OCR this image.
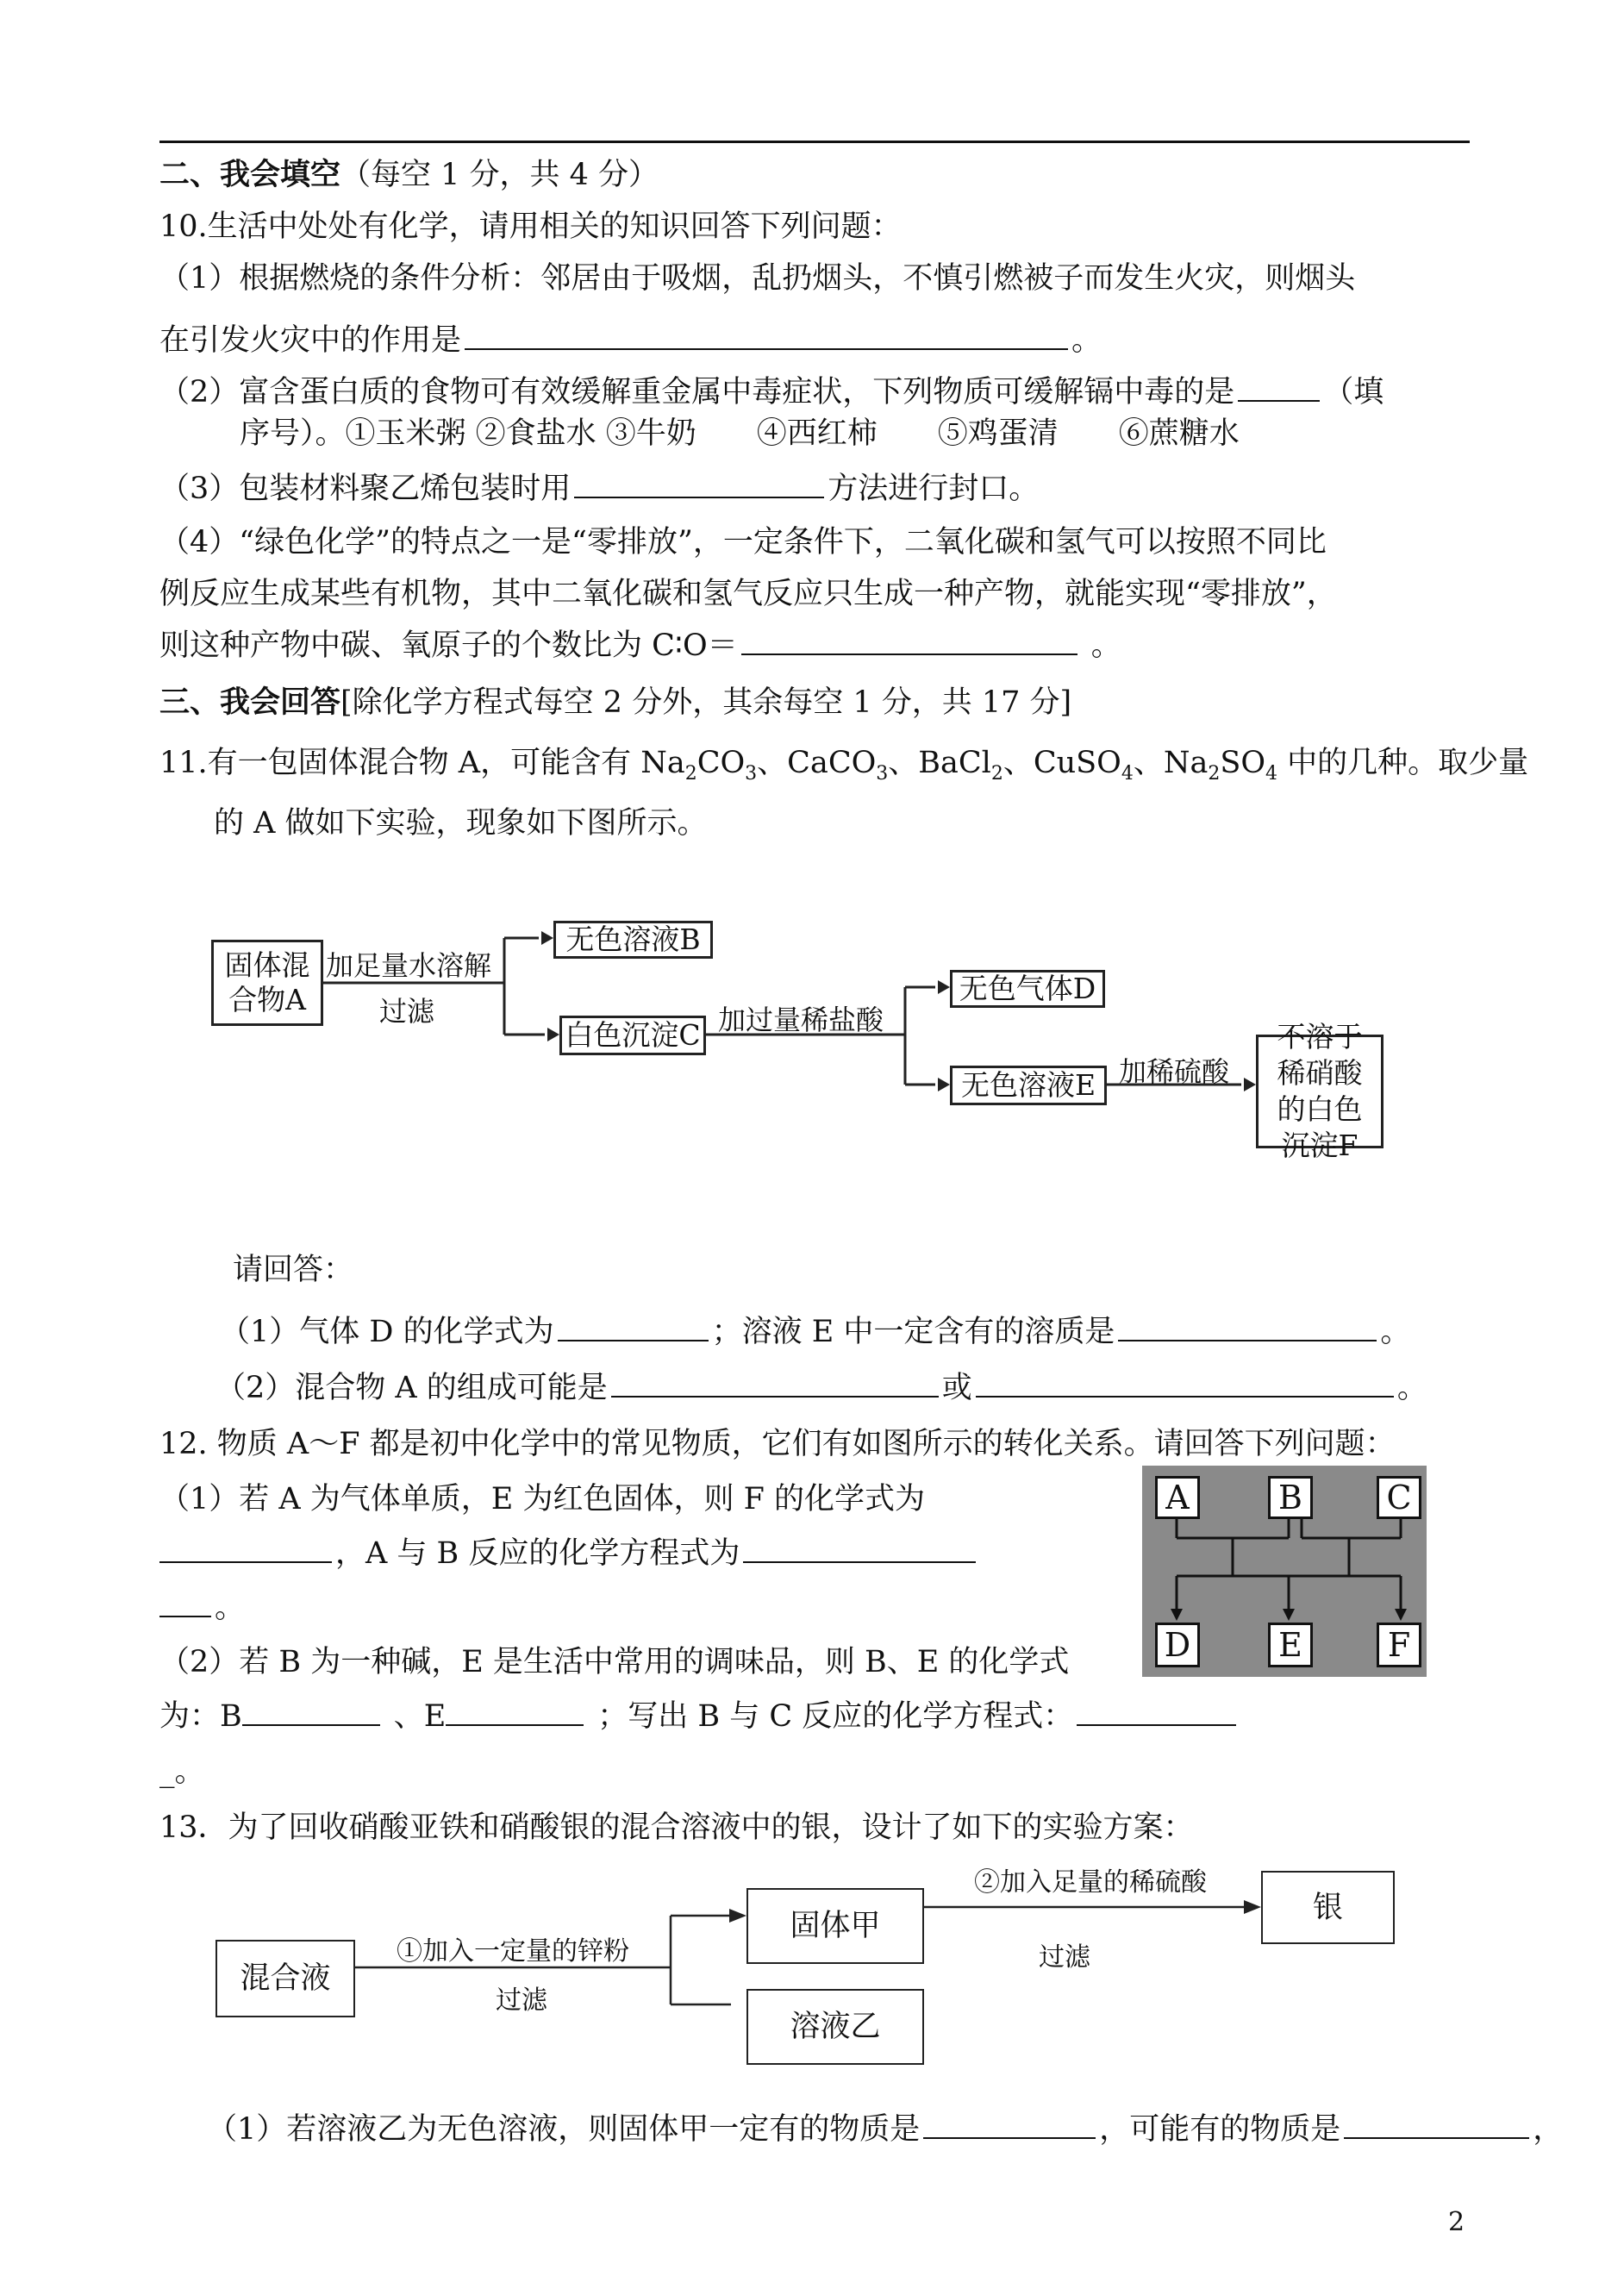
二、我会填空（每空 1 分，共 4 分）
10.生活中处处有化学，请用相关的知识回答下列问题：
（1）根据燃烧的条件分析：邻居由于吸烟，乱扔烟头，不慎引燃被子而发生火灾，则烟头
在引发火灾中的作用是	。
（2）富含蛋白质的食物可有效缓解重金属中毒症状，下列物质可缓解镉中毒的是	（填
序号）。①玉米粥 ②食盐水 ③牛奶　　④西红柿　　⑤鸡蛋清　　⑥蔗糖水
（3）包装材料聚乙烯包装时用	方法进行封口。
（4）“绿色化学”的特点之一是“零排放”，一定条件下，二氧化碳和氢气可以按照不同比
例反应生成某些有机物，其中二氧化碳和氢气反应只生成一种产物，就能实现“零排放”，
则这种产物中碳、氧原子的个数比为 C∶O＝	。
三、我会回答[除化学方程式每空 2 分外，其余每空 1 分，共 17 分]
11.有一包固体混合物 A，可能含有 $Na_2CO_3$、CaCO$_3$、BaCl$_2$、CuSO$_4$、$Na_2SO_4$ 中的几种。取少量
的 A 做如下实验，现象如下图所示。
固体混合物A
加足量水溶解
过滤
无色溶液B
白色沉淀C 加过量稀盐酸
无色气体D
无色溶液E 加稀硫酸
不溶于稀硝酸的白色沉淀F
请回答：
（1）气体 D 的化学式为	；溶液 E 中一定含有的溶质是	。
（2）混合物 A 的组成可能是	或	。
12. 物质 A～F 都是初中化学中的常见物质，它们有如图所示的转化关系。请回答下列问题：
（1）若 A 为气体单质，E 为红色固体，则 F 的化学式为
，A 与 B 反应的化学方程式为
。
（2）若 B 为一种碱，E 是生活中常用的调味品，则 B、E 的化学式
为：B	、E	；写出 B 与 C 反应的化学方程式：
_。
A	B	C
D	E	F
13．为了回收硝酸亚铁和硝酸银的混合溶液中的银，设计了如下的实验方案：
混合液
①加入一定量的锌粉
过滤
固体甲
溶液乙
②加入足量的稀硫酸
过滤
银
（1）若溶液乙为无色溶液，则固体甲一定有的物质是	，可能有的物质是	，
2
